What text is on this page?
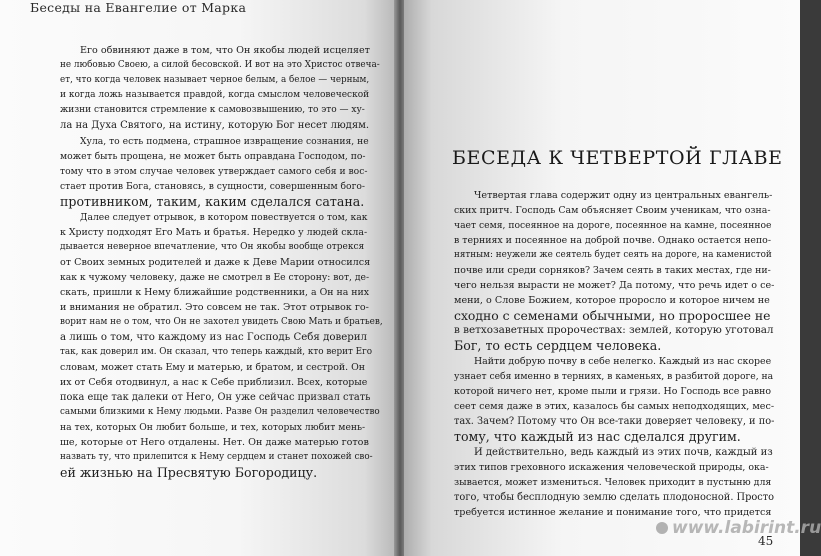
Беседы на Евангелие от Марка
Его обвиняют даже в том, что Он якобы людей исцеляет
не любовью Своею, а силой бесовской. И вот на это Христос отвеча-
ет, что когда человек называет черное белым, а белое — черным,
и когда ложь называется правдой, когда смыслом человеческой
жизни становится стремление к самовозвышению, то это — ху-
ла на Духа Святого, на истину, которую Бог несет людям.
Хула, то есть подмена, страшное извращение сознания, не
может быть прощена, не может быть оправдана Господом, по-
тому что в этом случае человек утверждает самого себя и вос-
стает против Бога, становясь, в сущности, совершенным бого-
противником, таким, каким сделался сатана.
Далее следует отрывок, в котором повествуется о том, как
к Христу подходят Его Мать и братья. Нередко у людей скла-
дывается неверное впечатление, что Он якобы вообще отрекся
от Своих земных родителей и даже к Деве Марии относился
как к чужому человеку, даже не смотрел в Ее сторону: вот, де-
скать, пришли к Нему ближайшие родственники, а Он на них
и внимания не обратил. Это совсем не так. Этот отрывок го-
ворит нам не о том, что Он не захотел увидеть Свою Мать и братьев,
а лишь о том, что каждому из нас Господь Себя доверил
так, как доверил им. Он сказал, что теперь каждый, кто верит Его
словам, может стать Ему и матерью, и братом, и сестрой. Он
их от Себя отодвинул, а нас к Себе приблизил. Всех, которые
пока еще так далеки от Него, Он уже сейчас призвал стать
самыми близкими к Нему людьми. Разве Он разделил человечество
на тех, которых Он любит больше, и тех, которых любит мень-
ше, которые от Него отдалены. Нет. Он даже матерью готов
назвать ту, что прилепится к Нему сердцем и станет похожей сво-
ей жизнью на Пресвятую Богородицу.
БЕСЕДА К ЧЕТВЕРТОЙ ГЛАВЕ
Четвертая глава содержит одну из центральных евангель-
ских притч. Господь Сам объясняет Своим ученикам, что озна-
чает семя, посеянное на дороге, посеянное на камне, посеянное
в терниях и посеянное на доброй почве. Однако остается непо-
нятным: неужели же сеятель будет сеять на дороге, на каменистой
почве или среди сорняков? Зачем сеять в таких местах, где ни-
чего нельзя вырасти не может? Да потому, что речь идет о се-
мени, о Слове Божием, которое проросло и которое ничем не
сходно с семенами обычными, но проросшее не
в ветхозаветных пророчествах: землей, которую уготовал
Бог, то есть сердцем человека.
Найти добрую почву в себе нелегко. Каждый из нас скорее
узнает себя именно в терниях, в каменьях, в разбитой дороге, на
которой ничего нет, кроме пыли и грязи. Но Господь все равно
сеет семя даже в этих, казалось бы самых неподходящих, мес-
тах. Зачем? Потому что Он все-таки доверяет человеку, и по-
тому, что каждый из нас сделался другим.
И действительно, ведь каждый из этих почв, каждый из
этих типов греховного искажения человеческой природы, ока-
зывается, может измениться. Человек приходит в пустыню для
того, чтобы бесплодную землю сделать плодоносной. Просто
требуется истинное желание и понимание того, что придется
www.labirint.ru
45
